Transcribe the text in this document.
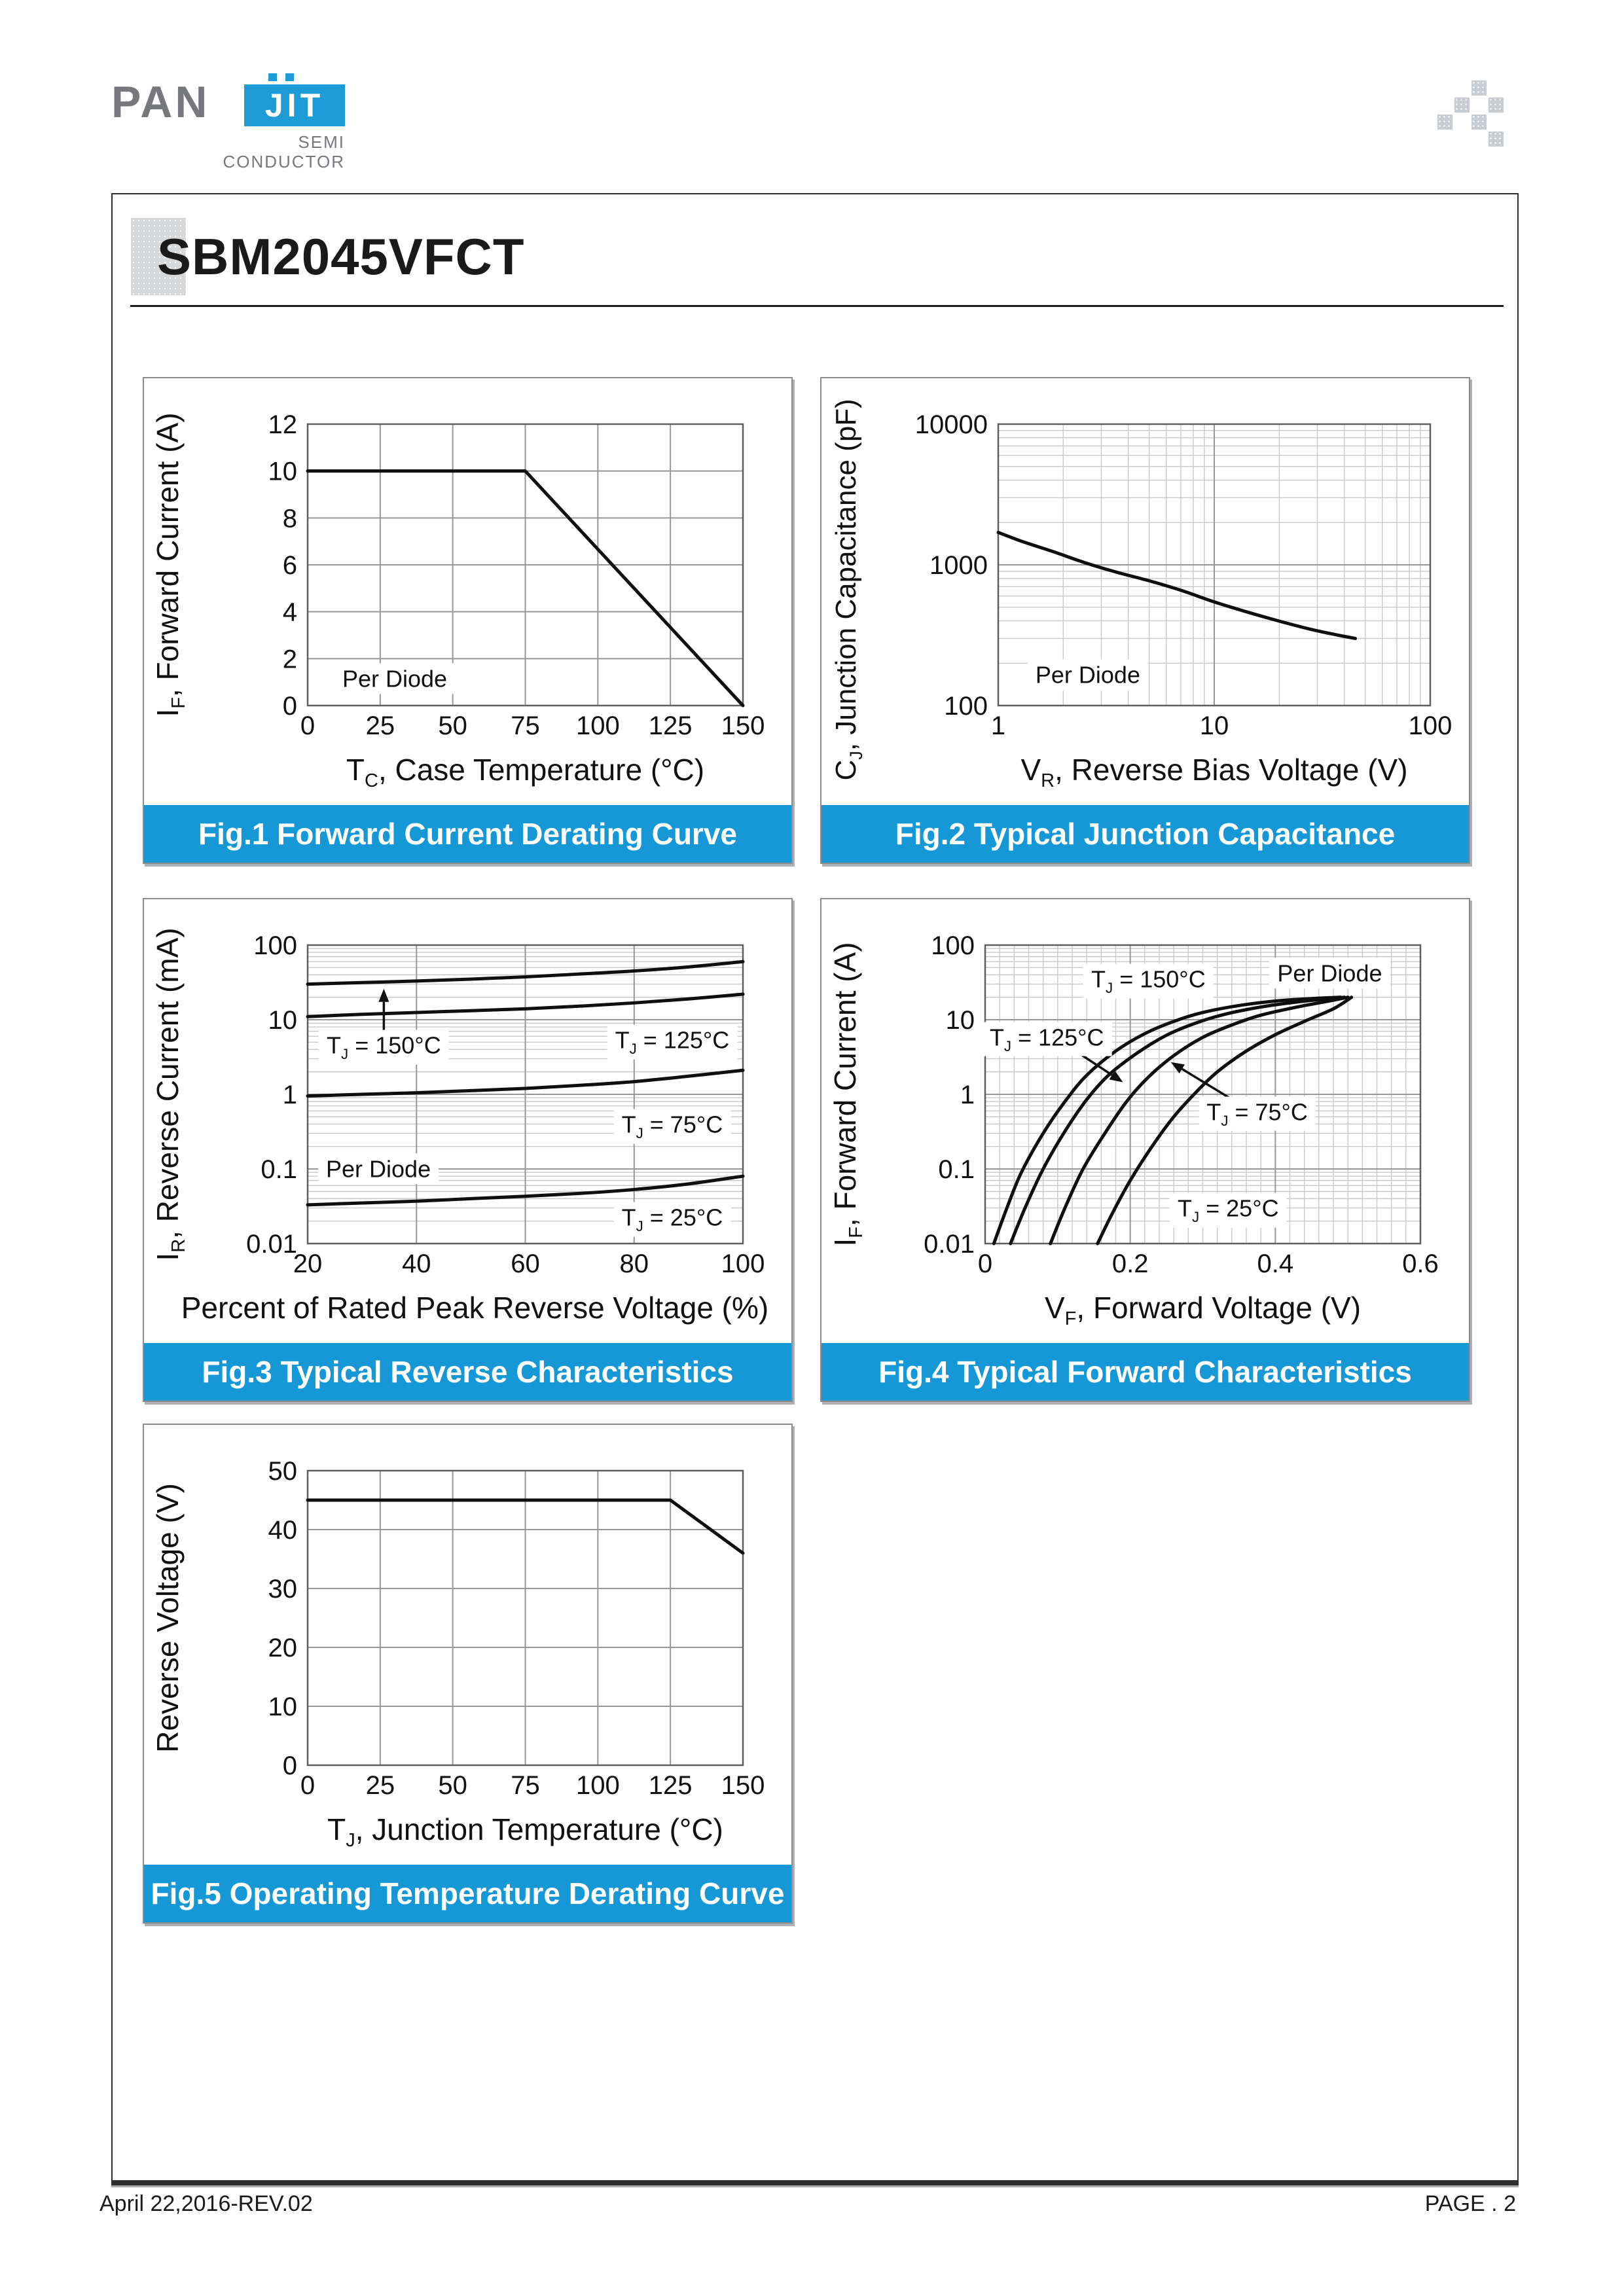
PAN	JIT
SEMI
CONDUCTOR
SBM2045VFCT
0 25 50 75 100 125 150
0
2
4
6
8
10
12
$T_C$, Case Temperature (°C)
$I_F$, Forward Current (A)	Per Diode
Fig.1 Forward Current Derating Curve
1	10	100
100
1000
10000
$V_R$, Reverse Bias Voltage (V)
$C_J$, Junction Capacitance (pF)	Per Diode
Fig.2 Typical Junction Capacitance
20	40	60	80	100
0.01
0.1
1
10
100
Percent of Rated Peak Reverse Voltage (%)
$I_R$, Reverse Current (mA)	$T_J = 150^\circ C$	$T_J = 125^\circ C$
$T_J = 75^\circ C$
Per Diode
$T_J = 25^\circ C$
Fig.3 Typical Reverse Characteristics
0	0.2	0.4	0.6
0.01
0.1
1
10
100
$V_F$, Forward Voltage (V)
$I_F$, Forward Current (A)	$T_J = 150^\circ C$	Per Diode
$T_J = 125^\circ C$
$T_J = 75^\circ C$
$T_J = 25^\circ C$
Fig.4 Typical Forward Characteristics
0 25 50 75 100 125 150
0
10
20
30
40
50
$T_J$, Junction Temperature (°C)
Reverse Voltage (V)
Fig.5 Operating Temperature Derating Curve
April 22,2016-REV.02	PAGE . 2
